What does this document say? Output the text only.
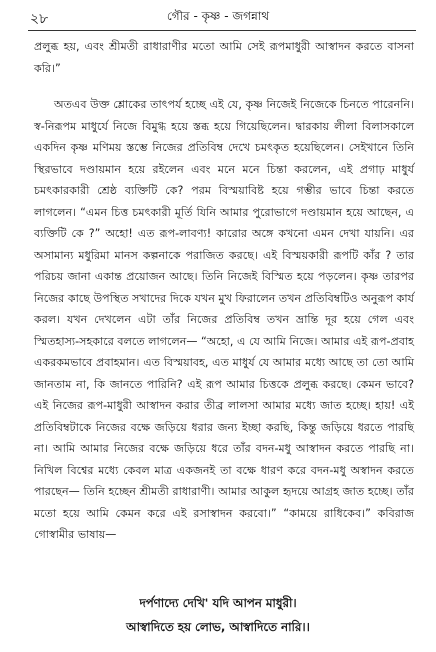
২৮	গৌর - কৃষ্ণ - জগন্নাথ

প্রলুব্ধ হয়, এবং শ্রীমতী রাধারাণীর মতো আমি সেই রূপমাধুরী আস্বাদন করতে বাসনা করি।”

অতএব উক্ত শ্লোকের তাৎপর্য হচ্ছে এই যে, কৃষ্ণ নিজেই নিজেকে চিনতে পারেননি। স্ব-নিরূপম মাধুর্যে নিজে বিমুগ্ধ হয়ে স্তব্ধ হয়ে গিয়েছিলেন। দ্বারকায় লীলা বিলাসকালে একদিন কৃষ্ণ মণিময় স্তম্ভে নিজের প্রতিবিম্ব দেখে চমৎকৃত হয়েছিলেন। সেইখানে তিনি স্থিরভাবে দণ্ডায়মান হয়ে রইলেন এবং মনে মনে চিন্তা করলেন, এই প্রগাঢ় মাধুর্য চমৎকারকারী শ্রেষ্ঠ ব্যক্তিটি কে? পরম বিস্ময়াবিষ্ট হয়ে গম্ভীর ভাবে চিন্তা করতে লাগলেন। “এমন চিত্ত চমৎকারী মূর্তি যিনি আমার পুরোভাগে দণ্ডায়মান হয়ে আছেন, এ ব্যক্তিটি কে ?” অহো! এত রূপ-লাবণ্য! কারোর অঙ্গে কখনো এমন দেখা যায়নি। এর অসামান্য মধুরিমা মানস কল্পনাকে পরাজিত করছে। এই বিস্ময়কারী রূপটি কাঁর ? তার পরিচয় জানা একান্ত প্রয়োজন আছে। তিনি নিজেই বিস্মিত হয়ে পড়লেন। কৃষ্ণ তারপর নিজের কাছে উপস্থিত সখাদের দিকে যখন মুখ ফিরালেন তখন প্রতিবিম্বটিও অনুরূপ কার্য করল। যখন দেখলেন এটা তাঁর নিজের প্রতিবিম্ব তখন ভ্রান্তি দূর হয়ে গেল এবং স্মিতহাস্য-সহকারে বলতে লাগলেন— “অহো, এ যে আমি নিজে। আমার এই রূপ-প্রবাহ একরকমভাবে প্রবাহমান। এত বিস্ময়াবহ, এত মাধুর্য যে আমার মধ্যে আছে তা তো আমি জানতাম না, কি জানতে পারিনি? এই রূপ আমার চিত্তকে প্রলুব্ধ করছে। কেমন ভাবে? এই নিজের রূপ-মাধুরী আস্বাদন করার তীব্র লালসা আমার মধ্যে জাত হচ্ছে। হায়! এই প্রতিবিম্বটাকে নিজের বক্ষে জড়িয়ে ধরার জন্য ইচ্ছা করছি, কিন্তু জড়িয়ে ধরতে পারছি না। আমি আমার নিজের বক্ষে জড়িয়ে ধরে তাঁর বদন-মধু আস্বাদন করতে পারছি না। নিখিল বিশ্বের মধ্যে কেবল মাত্র একজনই তা বক্ষে ধারণ করে বদন-মধু অস্বাদন করতে পারছেন— তিনি হচ্ছেন শ্রীমতী রাধারাণী। আমার আকুল হৃদয়ে আগ্রহ জাত হচ্ছে। তাঁর মতো হয়ে আমি কেমন করে এই রসাস্বাদন করবো।” “কাময়ে রাধিকেব।” কবিরাজ গোস্বামীর ভাষায়—

দর্পণাদ্যে দেখি' যদি আপন মাধুরী।
আস্বাদিতে হয় লোভ, আস্বাদিতে নারি।।
